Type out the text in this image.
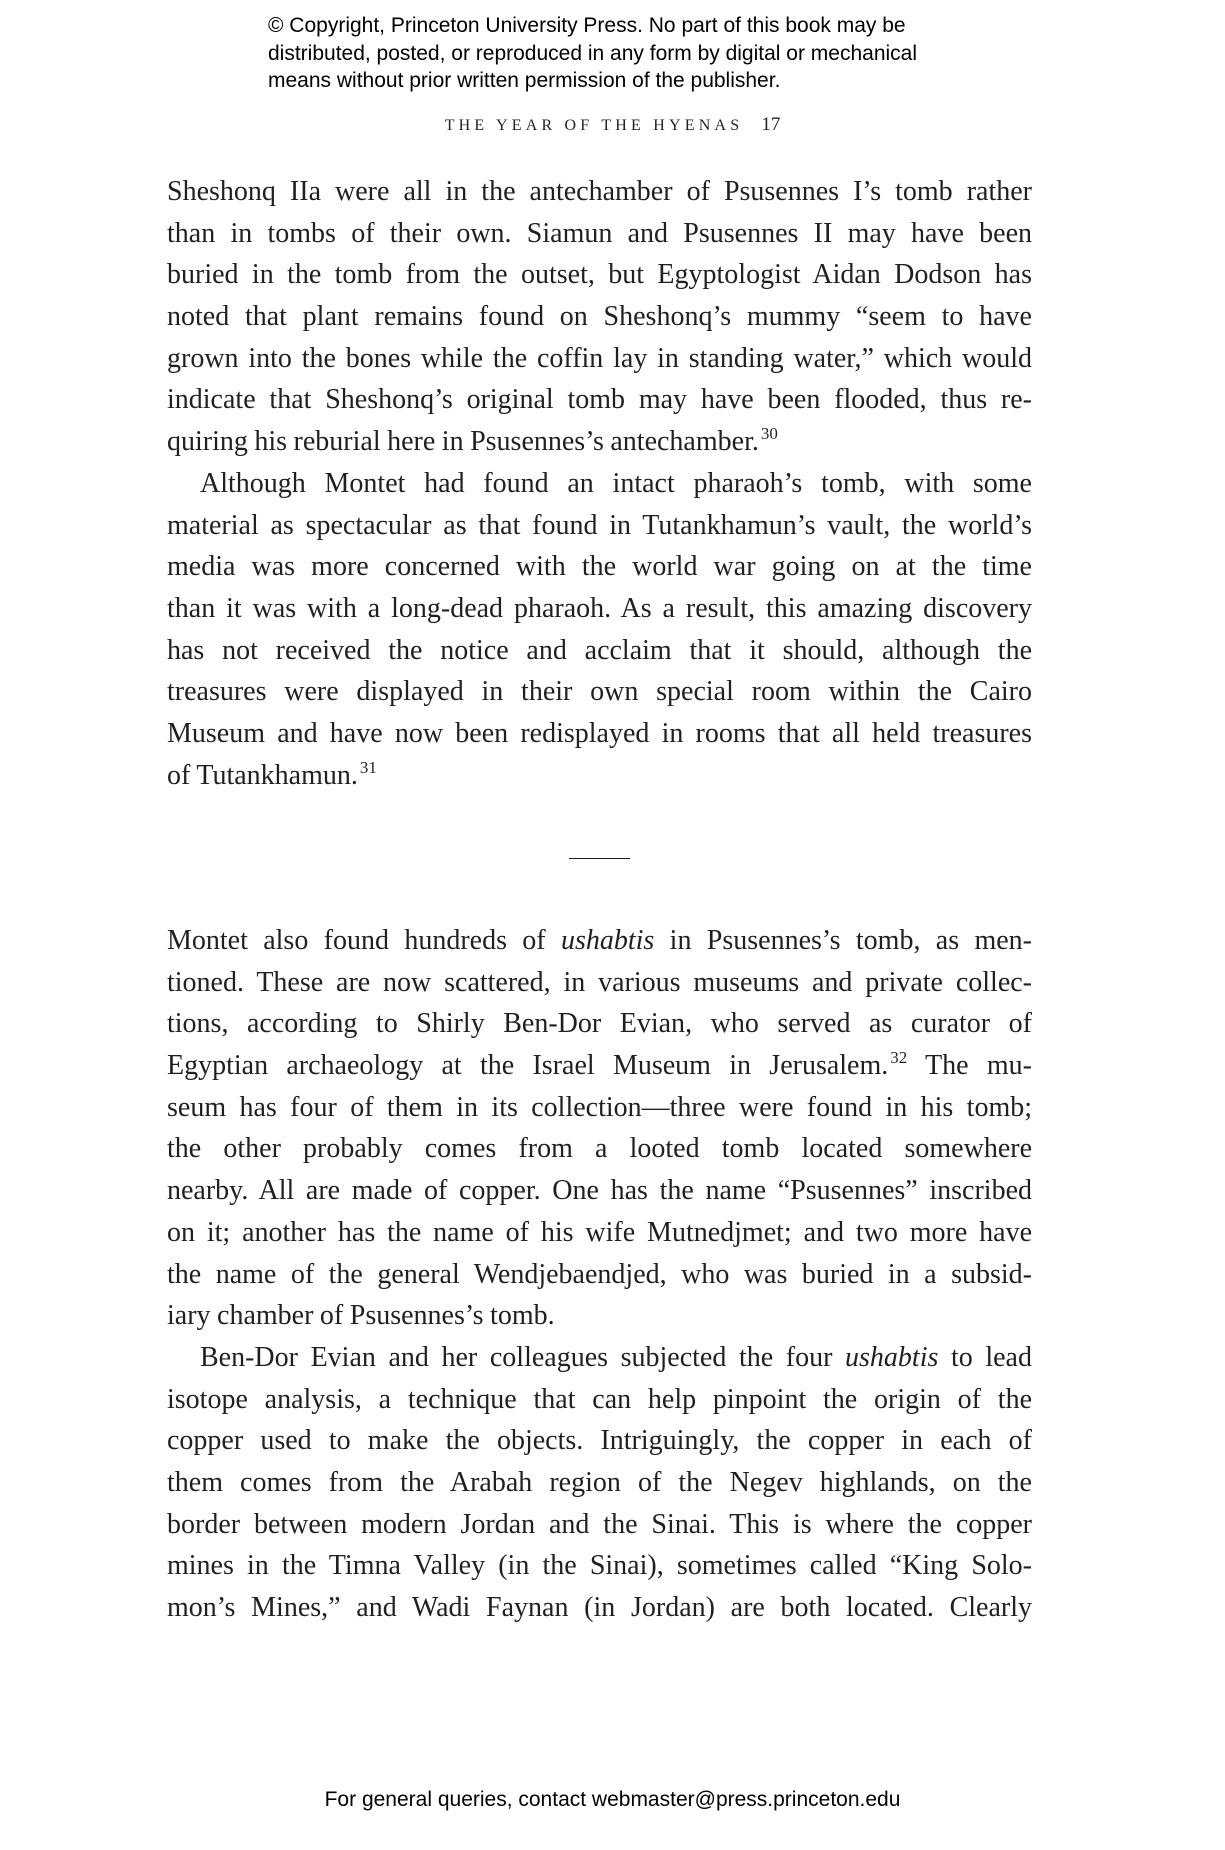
© Copyright, Princeton University Press. No part of this book may be
distributed, posted, or reproduced in any form by digital or mechanical
means without prior written permission of the publisher.
THE YEAR OF THE HYENAS 17
Sheshonq IIa were all in the antechamber of Psusennes I’s tomb rather
than in tombs of their own. Siamun and Psusennes II may have been
buried in the tomb from the outset, but Egyptologist Aidan Dodson has
noted that plant remains found on Sheshonq’s mummy “seem to have
grown into the bones while the coffin lay in standing water,” which would
indicate that Sheshonq’s original tomb may have been flooded, thus re-
quiring his reburial here in Psusennes’s antechamber. $^{30}$
Although Montet had found an intact pharaoh’s tomb, with some
material as spectacular as that found in Tutankhamun’s vault, the world’s
media was more concerned with the world war going on at the time
than it was with a long-dead pharaoh. As a result, this amazing discovery
has not received the notice and acclaim that it should, although the
treasures were displayed in their own special room within the Cairo
Museum and have now been redisplayed in rooms that all held treasures
of Tutankhamun. $^{31}$
Montet also found hundreds of ushabtis in Psusennes’s tomb, as men-
tioned. These are now scattered, in various museums and private collec-
tions, according to Shirly Ben-Dor Evian, who served as curator of
Egyptian archaeology at the Israel Museum in Jerusalem. $^{32}$ The mu-
seum has four of them in its collection—three were found in his tomb;
the other probably comes from a looted tomb located somewhere
nearby. All are made of copper. One has the name “Psusennes” inscribed
on it; another has the name of his wife Mutnedjmet; and two more have
the name of the general Wendjebaendjed, who was buried in a subsid-
iary chamber of Psusennes’s tomb.
Ben-Dor Evian and her colleagues subjected the four ushabtis to lead
isotope analysis, a technique that can help pinpoint the origin of the
copper used to make the objects. Intriguingly, the copper in each of
them comes from the Arabah region of the Negev highlands, on the
border between modern Jordan and the Sinai. This is where the copper
mines in the Timna Valley (in the Sinai), sometimes called “King Solo-
mon’s Mines,” and Wadi Faynan (in Jordan) are both located. Clearly
For general queries, contact webmaster@press.princeton.edu
